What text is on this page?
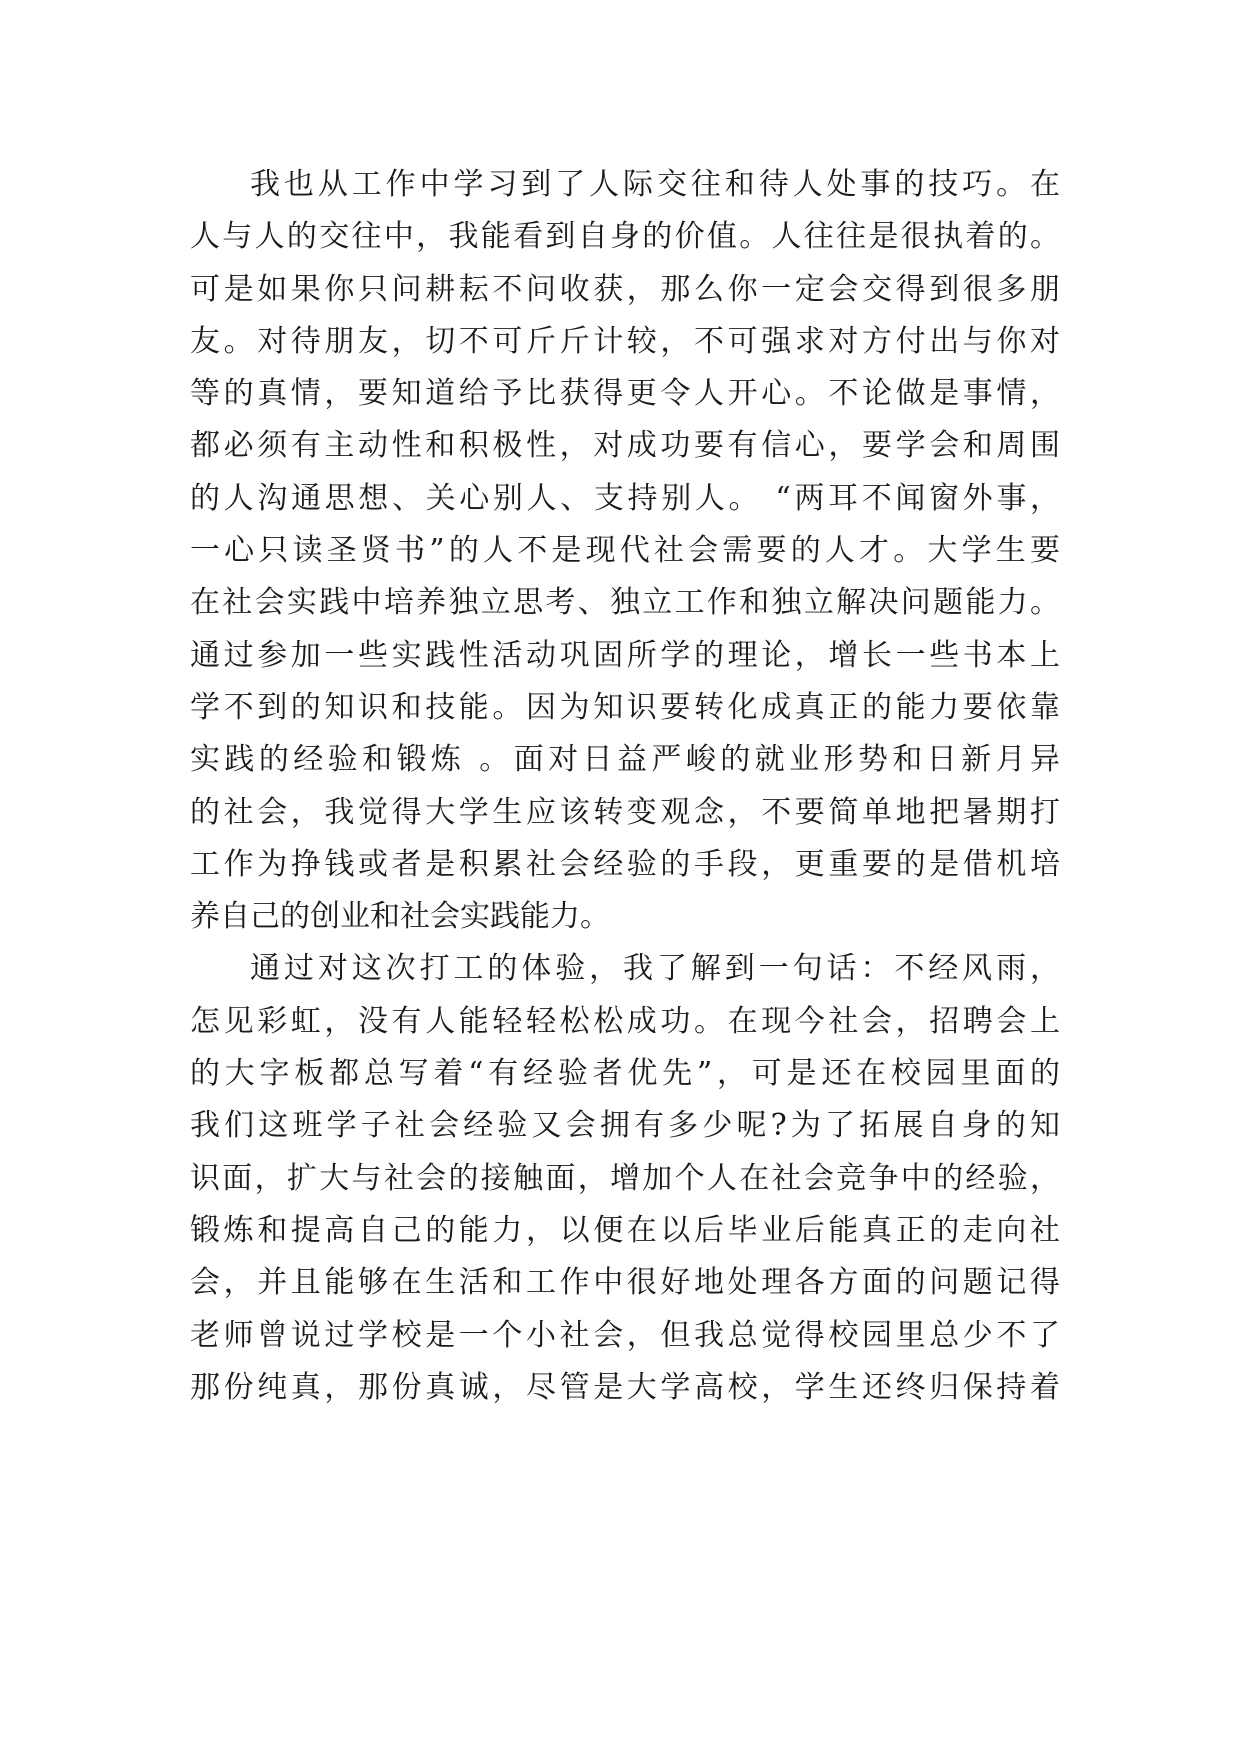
我也从工作中学习到了人际交往和待人处事的技巧。在
人与人的交往中，我能看到自身的价值。人往往是很执着的。
可是如果你只问耕耘不问收获，那么你一定会交得到很多朋
友。对待朋友，切不可斤斤计较，不可强求对方付出与你对
等的真情，要知道给予比获得更令人开心。不论做是事情，
都必须有主动性和积极性，对成功要有信心，要学会和周围
的人沟通思想、关心别人、支持别人。 “两耳不闻窗外事，
一心只读圣贤书”的人不是现代社会需要的人才。大学生要
在社会实践中培养独立思考、独立工作和独立解决问题能力。
通过参加一些实践性活动巩固所学的理论，增长一些书本上
学不到的知识和技能。因为知识要转化成真正的能力要依靠
实践的经验和锻炼 。面对日益严峻的就业形势和日新月异
的社会，我觉得大学生应该转变观念，不要简单地把暑期打
工作为挣钱或者是积累社会经验的手段，更重要的是借机培
养自己的创业和社会实践能力。
通过对这次打工的体验，我了解到一句话：不经风雨，
怎见彩虹，没有人能轻轻松松成功。在现今社会，招聘会上
的大字板都总写着“有经验者优先”，可是还在校园里面的
我们这班学子社会经验又会拥有多少呢?为了拓展自身的知
识面，扩大与社会的接触面，增加个人在社会竞争中的经验，
锻炼和提高自己的能力，以便在以后毕业后能真正的走向社
会，并且能够在生活和工作中很好地处理各方面的问题记得
老师曾说过学校是一个小社会，但我总觉得校园里总少不了
那份纯真，那份真诚，尽管是大学高校，学生还终归保持着
